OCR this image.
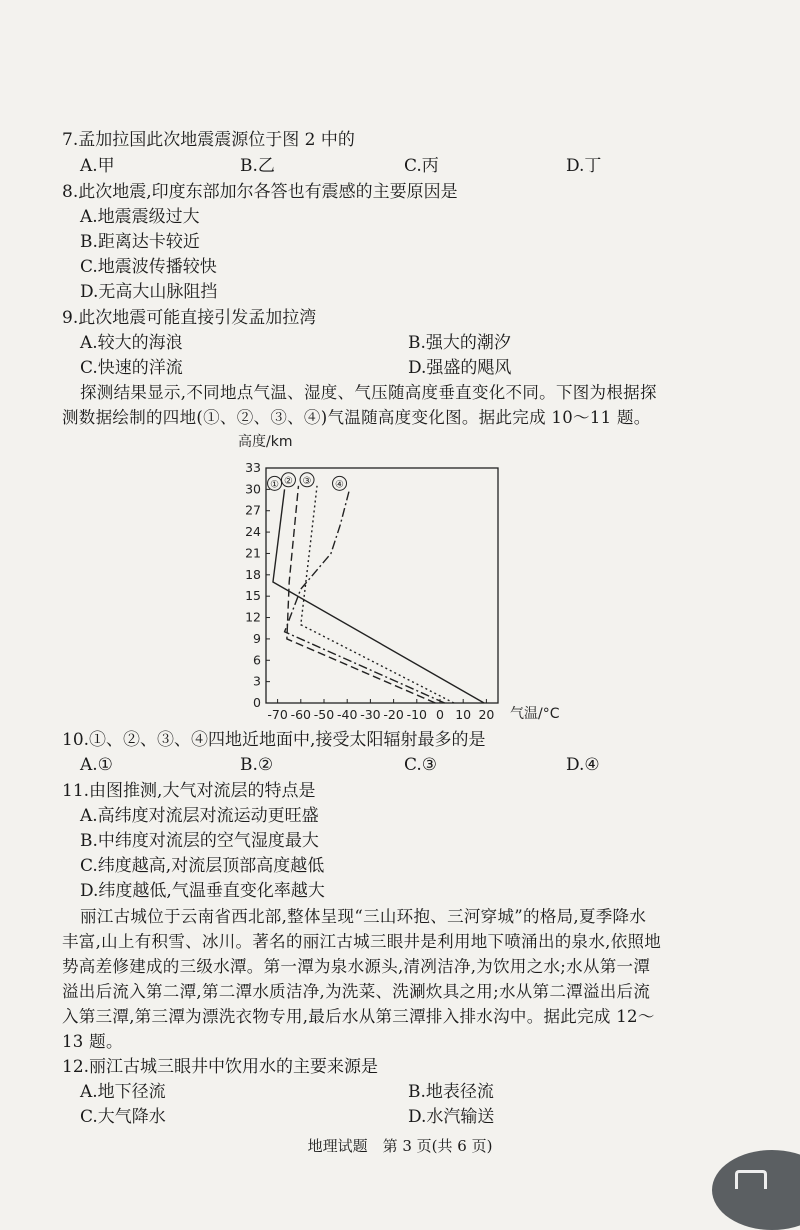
7.孟加拉国此次地震震源位于图 2 中的
A.甲	B.乙	C.丙	D.丁
8.此次地震,印度东部加尔各答也有震感的主要原因是
A.地震震级过大
B.距离达卡较近
C.地震波传播较快
D.无高大山脉阻挡
9.此次地震可能直接引发孟加拉湾
A.较大的海浪	B.强大的潮汐
C.快速的洋流	D.强盛的飓风
探测结果显示,不同地点气温、湿度、气压随高度垂直变化不同。下图为根据探
测数据绘制的四地(①、②、③、④)气温随高度变化图。据此完成 10～11 题。
高度/km
气温/°C
0
3
6
9
12
15
18
21
24
27
30
33
-70 -60 -50 -40 -30 -20 -10 0 10 20
① ② ③ ④
10.①、②、③、④四地近地面中,接受太阳辐射最多的是
A.①	B.②	C.③	D.④
11.由图推测,大气对流层的特点是
A.高纬度对流层对流运动更旺盛
B.中纬度对流层的空气湿度最大
C.纬度越高,对流层顶部高度越低
D.纬度越低,气温垂直变化率越大
丽江古城位于云南省西北部,整体呈现“三山环抱、三河穿城”的格局,夏季降水
丰富,山上有积雪、冰川。著名的丽江古城三眼井是利用地下喷涌出的泉水,依照地
势高差修建成的三级水潭。第一潭为泉水源头,清冽洁净,为饮用之水;水从第一潭
溢出后流入第二潭,第二潭水质洁净,为洗菜、洗涮炊具之用;水从第二潭溢出后流
入第三潭,第三潭为漂洗衣物专用,最后水从第三潭排入排水沟中。据此完成 12～
13 题。
12.丽江古城三眼井中饮用水的主要来源是
A.地下径流	B.地表径流
C.大气降水	D.水汽输送
地理试题　第 3 页(共 6 页)
